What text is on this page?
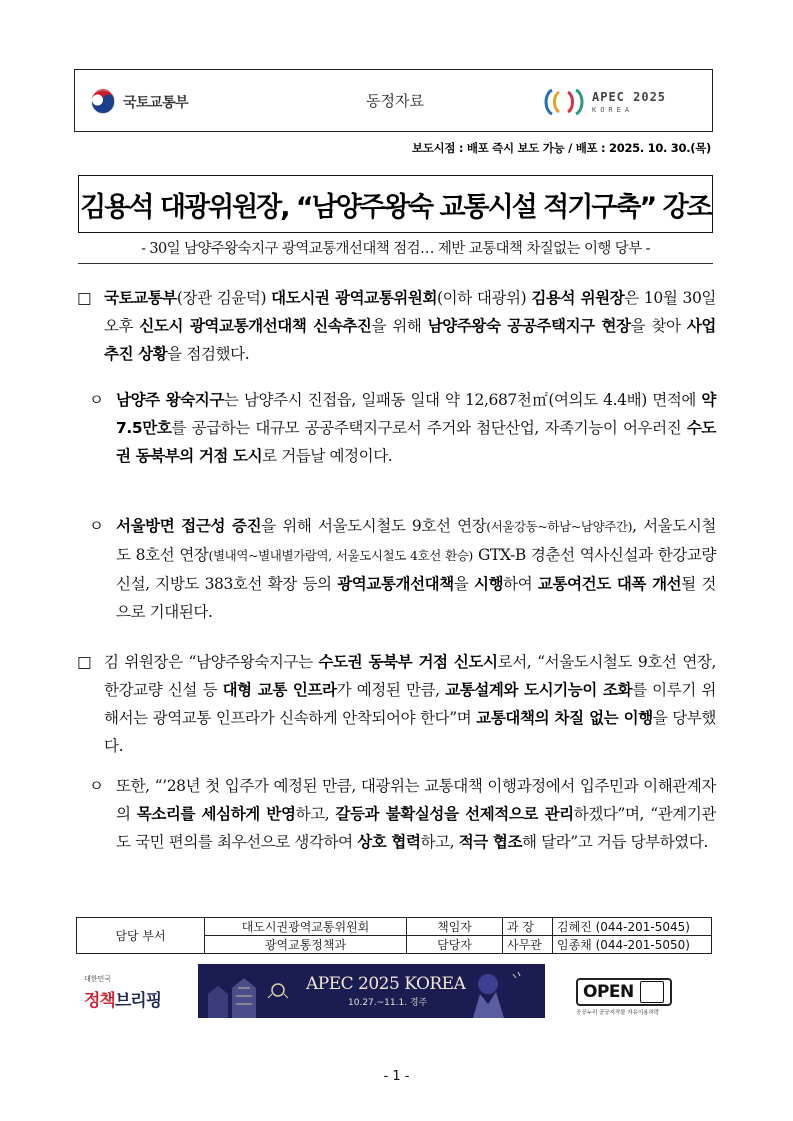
국토교통부	동정자료	APEC 2025
KOREA
보도시점 : 배포 즉시 보도 가능 / 배포 : 2025. 10. 30.(목)
김용석 대광위원장, “남양주왕숙 교통시설 적기구축” 강조
- 30일 남양주왕숙지구 광역교통개선대책 점검… 제반 교통대책 차질없는 이행 당부 -
□ 국토교통부(장관 김윤덕) 대도시권 광역교통위원회(이하 대광위) 김용석 위원장은 10월 30일 오후 신도시 광역교통개선대책 신속추진을 위해 남양주왕숙 공공주택지구 현장을 찾아 사업 추진 상황을 점검했다.
ㅇ 남양주 왕숙지구는 남양주시 진접읍, 일패동 일대 약 12,687천㎡(여의도 4.4배) 면적에 약 7.5만호를 공급하는 대규모 공공주택지구로서 주거와 첨단산업, 자족기능이 어우러진 수도권 동북부의 거점 도시로 거듭날 예정이다.
ㅇ 서울방면 접근성 증진을 위해 서울도시철도 9호선 연장(서울강동~하남~남양주간), 서울도시철도 8호선 연장(별내역~별내별가람역, 서울도시철도 4호선 환승) GTX-B 경춘선 역사신설과 한강교량 신설, 지방도 383호선 확장 등의 광역교통개선대책을 시행하여 교통여건도 대폭 개선될 것으로 기대된다.
□ 김 위원장은 “남양주왕숙지구는 수도권 동북부 거점 신도시로서, “서울도시철도 9호선 연장, 한강교량 신설 등 대형 교통 인프라가 예정된 만큼, 교통설계와 도시기능이 조화를 이루기 위해서는 광역교통 인프라가 신속하게 안착되어야 한다”며 교통대책의 차질 없는 이행을 당부했다.
ㅇ 또한, “’28년 첫 입주가 예정된 만큼, 대광위는 교통대책 이행과정에서 입주민과 이해관계자의 목소리를 세심하게 반영하고, 갈등과 불확실성을 선제적으로 관리하겠다”며, “관계기관도 국민 편의를 최우선으로 생각하여 상호 협력하고, 적극 협조해 달라”고 거듭 당부하였다.
담당 부서	대도시권광역교통위원회	책임자	과 장	김혜진 (044-201-5045)
	광역교통정책과	담당자	사무관	임종채 (044-201-5050)
대한민국
정책브리핑
APEC 2025 KOREA
10.27.~11.1. 경주
OPEN
공공누리 공공저작물 자유이용허락
- 1 -
